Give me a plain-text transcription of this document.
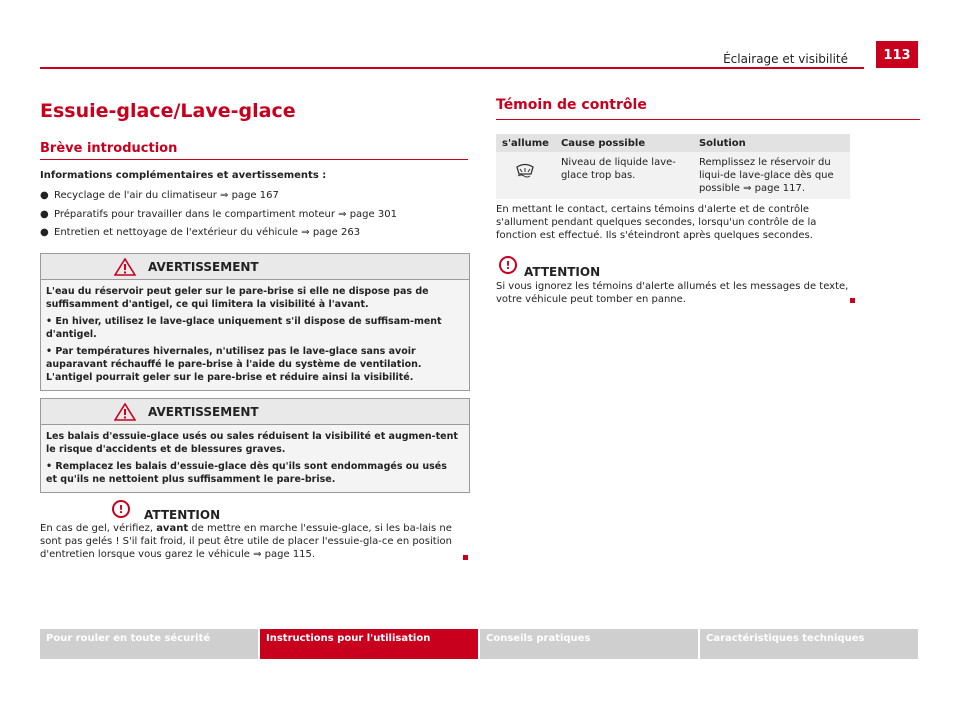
Éclairage et visibilité	113
Essuie-glace/Lave-glace
Brève introduction
Informations complémentaires et avertissements :
● Recyclage de l'air du climatiseur ⇒ page 167
● Préparatifs pour travailler dans le compartiment moteur ⇒ page 301
● Entretien et nettoyage de l'extérieur du véhicule ⇒ page 263
AVERTISSEMENT

L'eau du réservoir peut geler sur le pare-brise si elle ne dispose pas de suffisamment d'antigel, ce qui limitera la visibilité à l'avant.

• En hiver, utilisez le lave-glace uniquement s'il dispose de suffisam-ment d'antigel.

• Par températures hivernales, n'utilisez pas le lave-glace sans avoir auparavant réchauffé le pare-brise à l'aide du système de ventilation. L'antigel pourrait geler sur le pare-brise et réduire ainsi la visibilité.

AVERTISSEMENT

Les balais d'essuie-glace usés ou sales réduisent la visibilité et augmen-tent le risque d'accidents et de blessures graves.

• Remplacez les balais d'essuie-glace dès qu'ils sont endommagés ou usés et qu'ils ne nettoient plus suffisamment le pare-brise.

!	ATTENTION
En cas de gel, vérifiez, avant de mettre en marche l'essuie-glace, si les ba-lais ne sont pas gelés ! S'il fait froid, il peut être utile de placer l'essuie-gla-ce en position d'entretien lorsque vous garez le véhicule ⇒ page 115.
Témoin de contrôle
s'allume	Cause possible	Solution
	Niveau de liquide lave-glace trop bas.	Remplissez le réservoir du liqui-de lave-glace dès que possible ⇒ page 117.
En mettant le contact, certains témoins d'alerte et de contrôle s'allument pendant quelques secondes, lorsqu'un contrôle de la fonction est effectué. Ils s'éteindront après quelques secondes.
!	ATTENTION
Si vous ignorez les témoins d'alerte allumés et les messages de texte, votre véhicule peut tomber en panne.
Pour rouler en toute sécurité	Instructions pour l'utilisation	Conseils pratiques	Caractéristiques techniques
